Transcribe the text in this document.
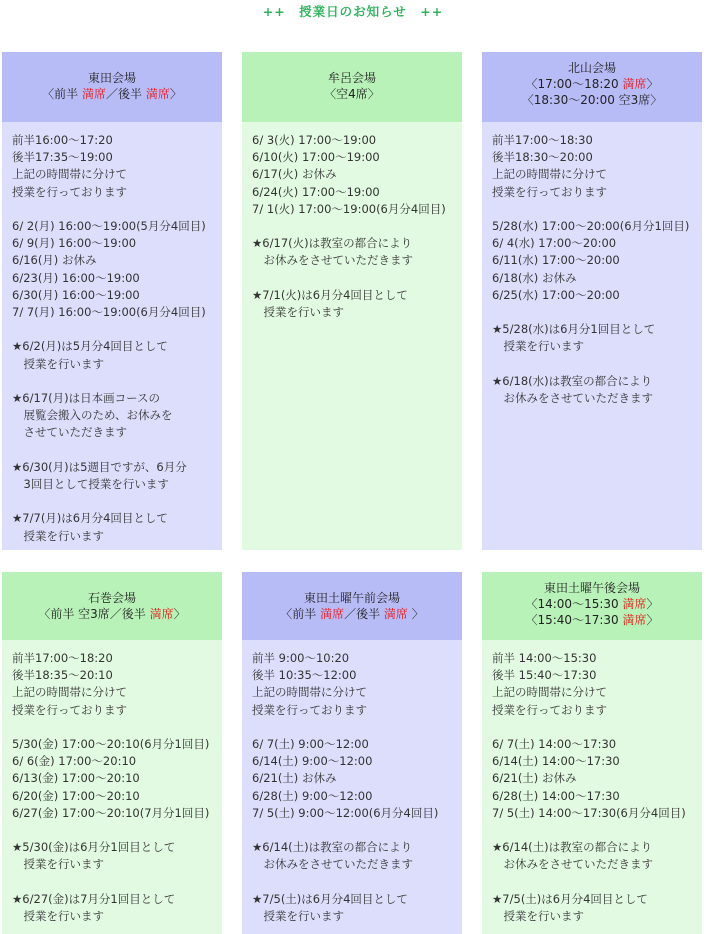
++　授業日のお知らせ　++
東田会場
〈前半 満席／後半 満席〉
前半16:00〜17:20
後半17:35〜19:00
上記の時間帯に分けて
授業を行っております

6/ 2(月) 16:00〜19:00(5月分4回目)
6/ 9(月) 16:00〜19:00
6/16(月) お休み
6/23(月) 16:00〜19:00
6/30(月) 16:00〜19:00
7/ 7(月) 16:00〜19:00(6月分4回目)

★6/2(月)は5月分4回目として
　授業を行います

★6/17(月)は日本画コースの
　展覧会搬入のため、お休みを
　させていただきます

★6/30(月)は5週目ですが、6月分
　3回目として授業を行います

★7/7(月)は6月分4回目として
　授業を行います
牟呂会場
〈空4席〉
6/ 3(火) 17:00〜19:00
6/10(火) 17:00〜19:00
6/17(火) お休み
6/24(火) 17:00〜19:00
7/ 1(火) 17:00〜19:00(6月分4回目)

★6/17(火)は教室の都合により
　お休みをさせていただきます

★7/1(火)は6月分4回目として
　授業を行います
北山会場
〈17:00〜18:20 満席〉
〈18:30〜20:00 空3席〉
前半17:00〜18:30
後半18:30〜20:00
上記の時間帯に分けて
授業を行っております

5/28(水) 17:00〜20:00(6月分1回目)
6/ 4(水) 17:00〜20:00
6/11(水) 17:00〜20:00
6/18(水) お休み
6/25(水) 17:00〜20:00

★5/28(水)は6月分1回目として
　授業を行います

★6/18(水)は教室の都合により
　お休みをさせていただきます
石巻会場
〈前半 空3席／後半 満席〉
前半17:00〜18:20
後半18:35〜20:10
上記の時間帯に分けて
授業を行っております

5/30(金) 17:00〜20:10(6月分1回目)
6/ 6(金) 17:00〜20:10
6/13(金) 17:00〜20:10
6/20(金) 17:00〜20:10
6/27(金) 17:00〜20:10(7月分1回目)

★5/30(金)は6月分1回目として
　授業を行います

★6/27(金)は7月分1回目として
　授業を行います
東田土曜午前会場
〈前半 満席／後半 満席 〉
前半 9:00〜10:20
後半 10:35〜12:00
上記の時間帯に分けて
授業を行っております

6/ 7(土) 9:00〜12:00
6/14(土) 9:00〜12:00
6/21(土) お休み
6/28(土) 9:00〜12:00
7/ 5(土) 9:00〜12:00(6月分4回目)

★6/14(土)は教室の都合により
　お休みをさせていただきます

★7/5(土)は6月分4回目として
　授業を行います
東田土曜午後会場
〈14:00〜15:30 満席〉
〈15:40〜17:30 満席〉
前半 14:00〜15:30
後半 15:40〜17:30
上記の時間帯に分けて
授業を行っております

6/ 7(土) 14:00〜17:30
6/14(土) 14:00〜17:30
6/21(土) お休み
6/28(土) 14:00〜17:30
7/ 5(土) 14:00〜17:30(6月分4回目)

★6/14(土)は教室の都合により
　お休みをさせていただきます

★7/5(土)は6月分4回目として
　授業を行います
